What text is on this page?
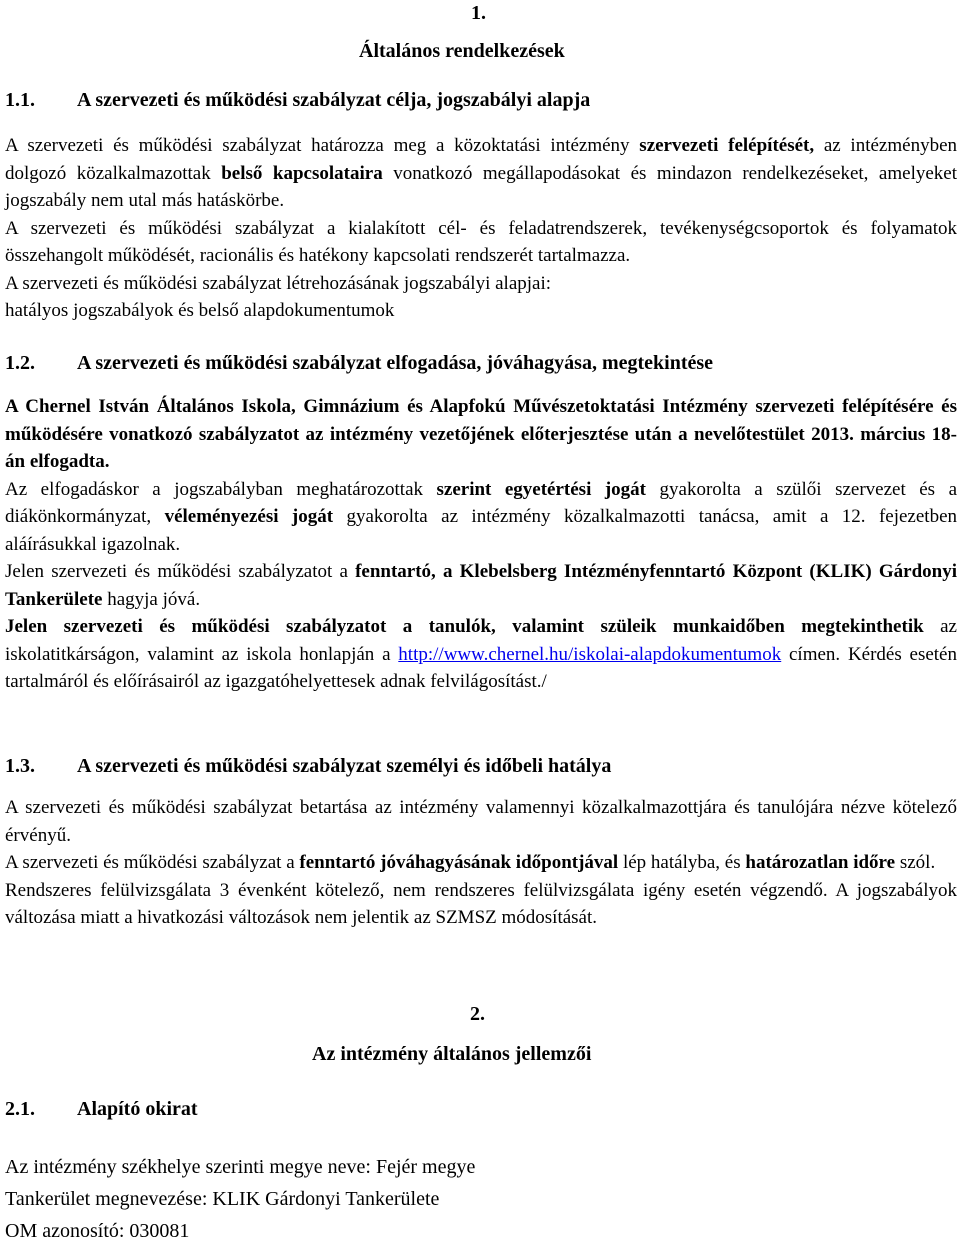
1.
Általános rendelkezések
1.1. A szervezeti és működési szabályzat célja, jogszabályi alapja

A szervezeti és működési szabályzat határozza meg a közoktatási intézmény szervezeti felépítését, az intézményben dolgozó közalkalmazottak belső kapcsolataira vonatkozó megállapodásokat és mindazon rendelkezéseket, amelyeket jogszabály nem utal más hatáskörbe.

A szervezeti és működési szabályzat a kialakított cél- és feladatrendszerek, tevékenységcsoportok és folyamatok összehangolt működését, racionális és hatékony kapcsolati rendszerét tartalmazza.

A szervezeti és működési szabályzat létrehozásának jogszabályi alapjai:

hatályos jogszabályok és belső alapdokumentumok

1.2. A szervezeti és működési szabályzat elfogadása, jóváhagyása, megtekintése

A Chernel István Általános Iskola, Gimnázium és Alapfokú Művészetoktatási Intézmény szervezeti felépítésére és működésére vonatkozó szabályzatot az intézmény vezetőjének előterjesztése után a nevelőtestület 2013. március 18-án elfogadta.

Az elfogadáskor a jogszabályban meghatározottak szerint egyetértési jogát gyakorolta a szülői szervezet és a diákönkormányzat, véleményezési jogát gyakorolta az intézmény közalkalmazotti tanácsa, amit a 12. fejezetben aláírásukkal igazolnak.

Jelen szervezeti és működési szabályzatot a fenntartó, a Klebelsberg Intézményfenntartó Központ (KLIK) Gárdonyi Tankerülete hagyja jóvá.

Jelen szervezeti és működési szabályzatot a tanulók, valamint szüleik munkaidőben megtekinthetik az iskolatitkárságon, valamint az iskola honlapján a http://www.chernel.hu/iskolai-alapdokumentumok címen. Kérdés esetén tartalmáról és előírásairól az igazgatóhelyettesek adnak felvilágosítást./

1.3. A szervezeti és működési szabályzat személyi és időbeli hatálya

A szervezeti és működési szabályzat betartása az intézmény valamennyi közalkalmazottjára és tanulójára nézve kötelező érvényű.

A szervezeti és működési szabályzat a fenntartó jóváhagyásának időpontjával lép hatályba, és határozatlan időre szól.

Rendszeres felülvizsgálata 3 évenként kötelező, nem rendszeres felülvizsgálata igény esetén végzendő. A jogszabályok változása miatt a hivatkozási változások nem jelentik az SZMSZ módosítását.

2.
Az intézmény általános jellemzői
2.1. Alapító okirat
Az intézmény székhelye szerinti megye neve: Fejér megye
Tankerület megnevezése: KLIK Gárdonyi Tankerülete
OM azonosító: 030081
